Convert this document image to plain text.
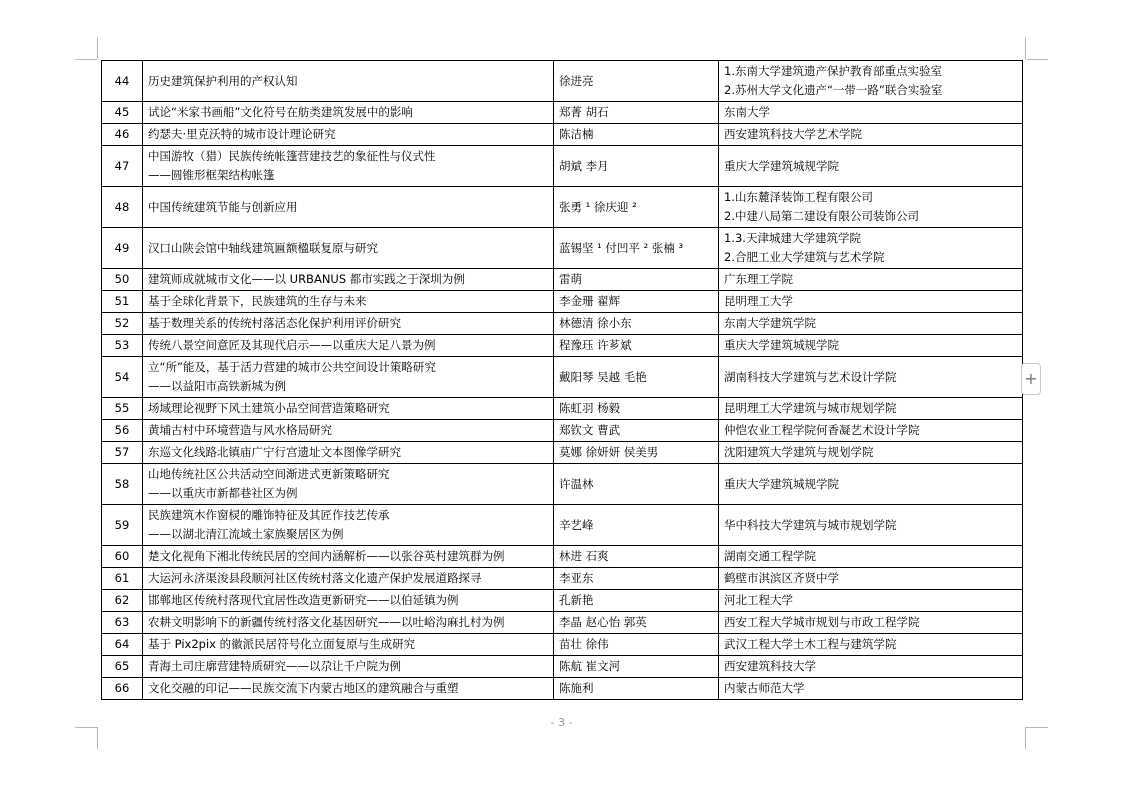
44	历史建筑保护利用的产权认知	徐进亮	1.东南大学建筑遗产保护教育部重点实验室
2.苏州大学文化遗产“一带一路”联合实验室

45	试论“米家书画船”文化符号在舫类建筑发展中的影响	郑菁 胡石	东南大学

46	约瑟夫·里克沃特的城市设计理论研究	陈洁楠	西安建筑科技大学艺术学院

47	中国游牧（猎）民族传统帐篷营建技艺的象征性与仪式性
——圆锥形框架结构帐篷	胡斌 李月	重庆大学建筑城规学院

48	中国传统建筑节能与创新应用	张勇 ¹ 徐庆迎 ²	1.山东麓泽装饰工程有限公司
2.中建八局第二建设有限公司装饰公司

49	汉口山陕会馆中轴线建筑匾额楹联复原与研究	蓝锡坚 ¹ 付凹平 ² 张楠 ³	1.3.天津城建大学建筑学院
2.合肥工业大学建筑与艺术学院

50	建筑师成就城市文化——以 URBANUS 都市实践之于深圳为例	雷萌	广东理工学院

51	基于全球化背景下，民族建筑的生存与未来	李金珊 翟辉	昆明理工大学

52	基于数理关系的传统村落活态化保护利用评价研究	林德清 徐小东	东南大学建筑学院

53	传统八景空间意匠及其现代启示——以重庆大足八景为例	程豫珏 许芗斌	重庆大学建筑城规学院

54	立“所”能及，基于活力营建的城市公共空间设计策略研究
——以益阳市高铁新城为例	戴阳琴 吴越 毛艳	湖南科技大学建筑与艺术设计学院

55	场域理论视野下风土建筑小品空间营造策略研究	陈虹羽 杨毅	昆明理工大学建筑与城市规划学院

56	黄埔古村中环境营造与风水格局研究	郑钦文 曹武	仲恺农业工程学院何香凝艺术设计学院

57	东巡文化线路北镇庙广宁行宫遗址文本图像学研究	莫娜 徐妍妍 侯美男	沈阳建筑大学建筑与规划学院

58	山地传统社区公共活动空间渐进式更新策略研究
——以重庆市新都巷社区为例	许温林	重庆大学建筑城规学院

59	民族建筑木作窗棂的雕饰特征及其匠作技艺传承
——以湖北清江流域土家族聚居区为例	辛艺峰	华中科技大学建筑与城市规划学院

60	楚文化视角下湘北传统民居的空间内涵解析——以张谷英村建筑群为例	林进 石爽	湖南交通工程学院

61	大运河永济渠浚县段顺河社区传统村落文化遗产保护发展道路探寻	李亚东	鹤壁市淇滨区齐贤中学

62	邯郸地区传统村落现代宜居性改造更新研究——以伯延镇为例	孔新艳	河北工程大学

63	农耕文明影响下的新疆传统村落文化基因研究——以吐峪沟麻扎村为例	李晶 赵心怡 郭英	西安工程大学城市规划与市政工程学院

64	基于 Pix2pix 的徽派民居符号化立面复原与生成研究	苗壮 徐伟	武汉工程大学土木工程与建筑学院

65	青海土司庄廓营建特质研究——以尕让千户院为例	陈航 崔文河	西安建筑科技大学

66	文化交融的印记——民族交流下内蒙古地区的建筑融合与重塑	陈施利	内蒙古师范大学
- 3 -
+
